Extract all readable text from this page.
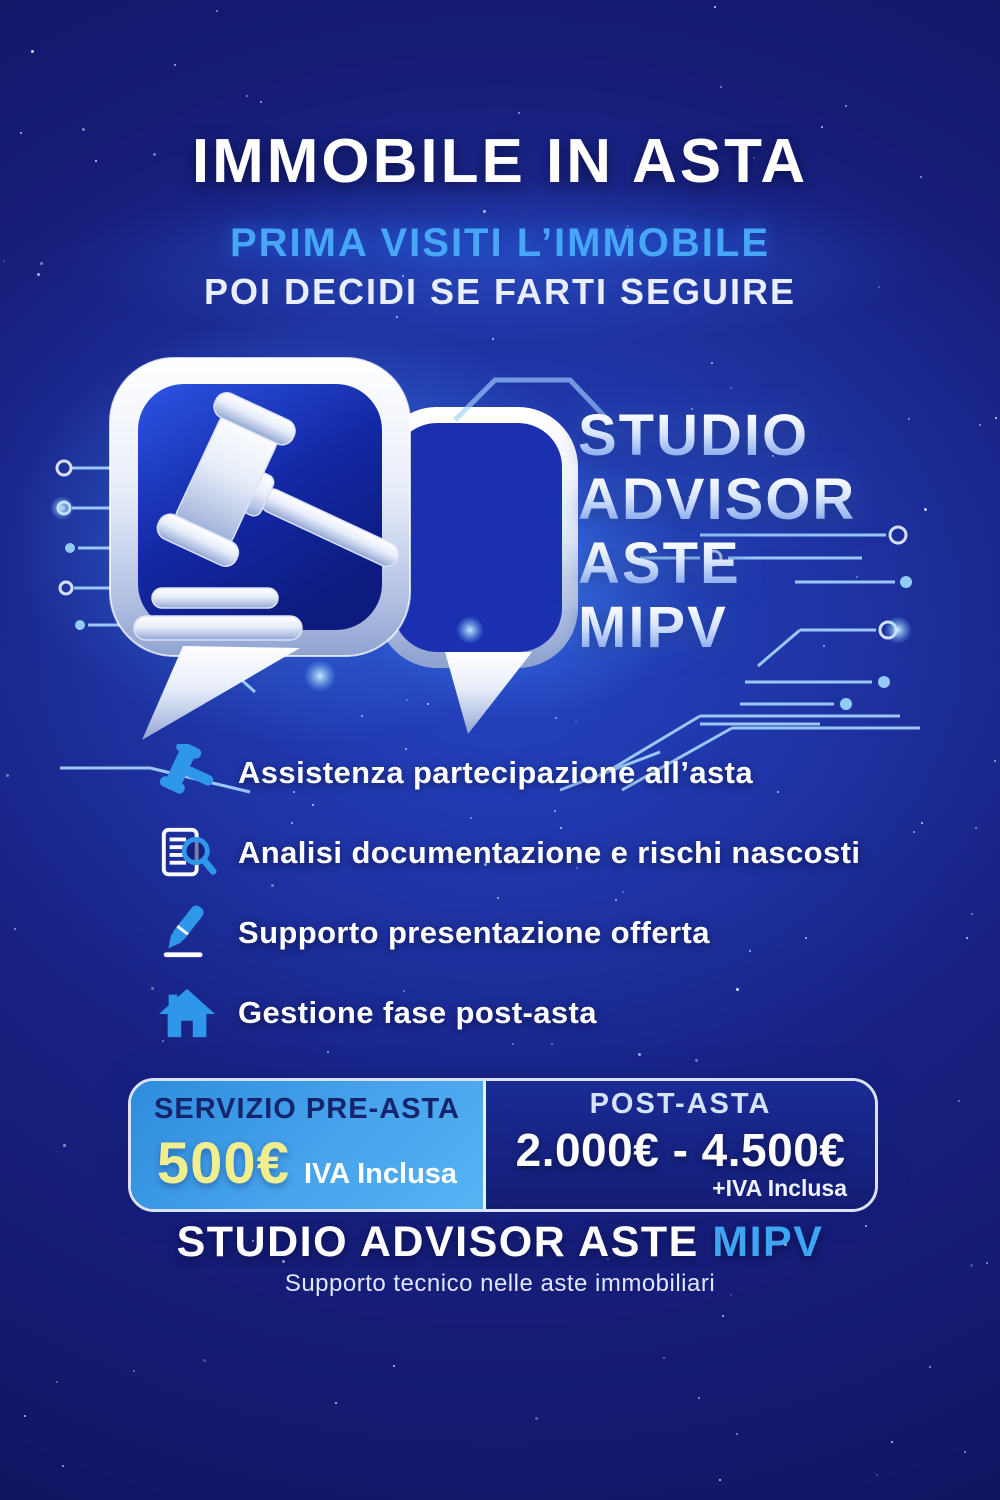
IMMOBILE IN ASTA
PRIMA VISITI L’IMMOBILE
POI DECIDI SE FARTI SEGUIRE
STUDIO
ADVISOR
ASTE
MIPV
Assistenza partecipazione all’asta
Analisi documentazione e rischi nascosti
Supporto presentazione offerta
Gestione fase post-asta
SERVIZIO PRE-ASTA
500€ IVA Inclusa
POST-ASTA
2.000€ - 4.500€
+IVA Inclusa
STUDIO ADVISOR ASTE MIPV
Supporto tecnico nelle aste immobiliari
